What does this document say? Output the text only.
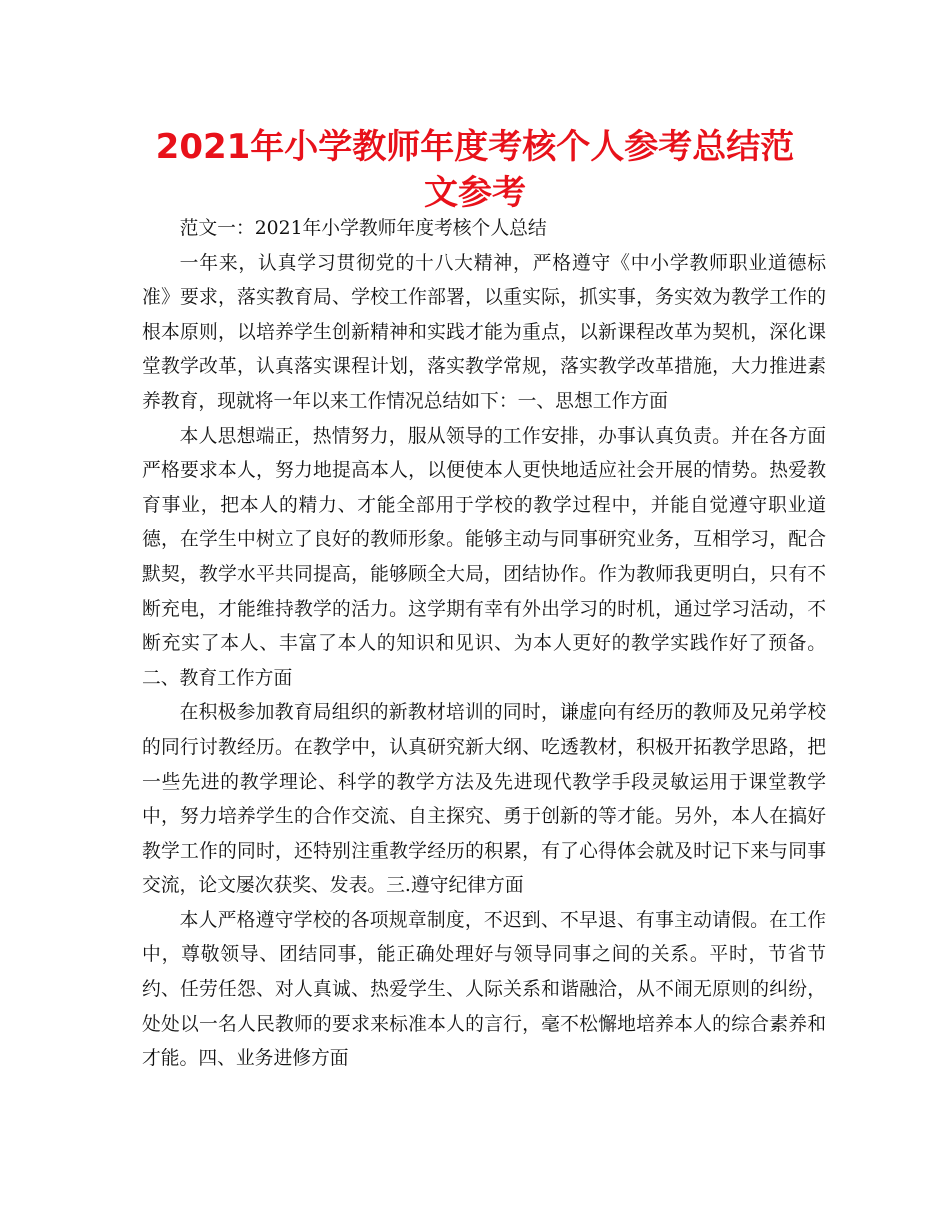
2021年小学教师年度考核个人参考总结范文参考

范文一：2021年小学教师年度考核个人总结

一年来，认真学习贯彻党的十八大精神，严格遵守《中小学教师职业道德标准》要求，落实教育局、学校工作部署，以重实际，抓实事，务实效为教学工作的根本原则，以培养学生创新精神和实践才能为重点，以新课程改革为契机，深化课堂教学改革，认真落实课程计划，落实教学常规，落实教学改革措施，大力推进素养教育，现就将一年以来工作情况总结如下：一、思想工作方面

本人思想端正，热情努力，服从领导的工作安排，办事认真负责。并在各方面严格要求本人，努力地提高本人，以便使本人更快地适应社会开展的情势。热爱教育事业，把本人的精力、才能全部用于学校的教学过程中，并能自觉遵守职业道德，在学生中树立了良好的教师形象。能够主动与同事研究业务，互相学习，配合默契，教学水平共同提高，能够顾全大局，团结协作。作为教师我更明白，只有不断充电，才能维持教学的活力。这学期有幸有外出学习的时机，通过学习活动，不断充实了本人、丰富了本人的知识和见识、为本人更好的教学实践作好了预备。二、教育工作方面

在积极参加教育局组织的新教材培训的同时，谦虚向有经历的教师及兄弟学校的同行讨教经历。在教学中，认真研究新大纲、吃透教材，积极开拓教学思路，把一些先进的教学理论、科学的教学方法及先进现代教学手段灵敏运用于课堂教学中，努力培养学生的合作交流、自主探究、勇于创新的等才能。另外，本人在搞好教学工作的同时，还特别注重教学经历的积累，有了心得体会就及时记下来与同事交流，论文屡次获奖、发表。三.遵守纪律方面

本人严格遵守学校的各项规章制度，不迟到、不早退、有事主动请假。在工作中，尊敬领导、团结同事，能正确处理好与领导同事之间的关系。平时，节省节约、任劳任怨、对人真诚、热爱学生、人际关系和谐融洽，从不闹无原则的纠纷，处处以一名人民教师的要求来标准本人的言行，毫不松懈地培养本人的综合素养和才能。四、业务进修方面
